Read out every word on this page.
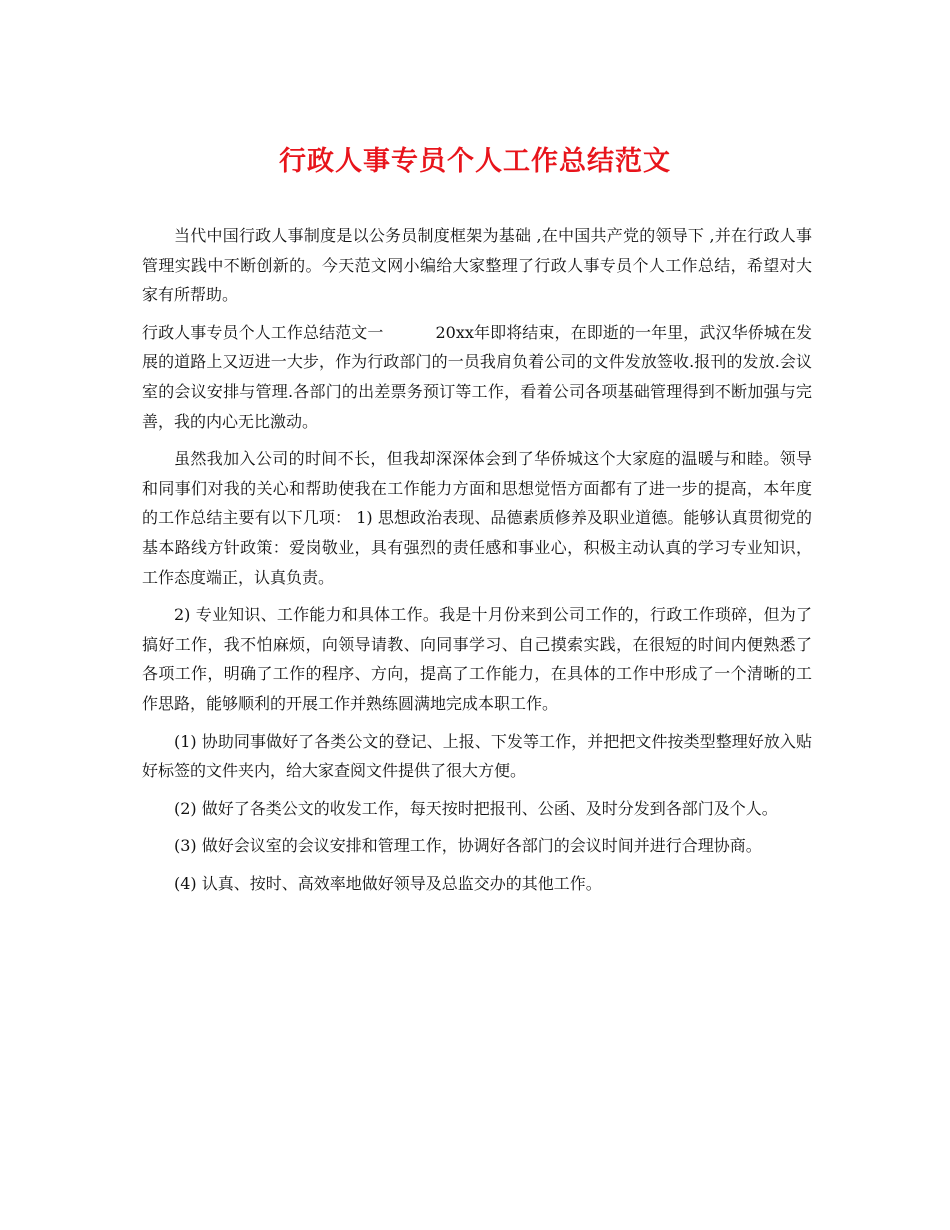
行政人事专员个人工作总结范文

当代中国行政人事制度是以公务员制度框架为基础 ,在中国共产党的领导下 ,并在行政人事管理实践中不断创新的。今天范文网小编给大家整理了行政人事专员个人工作总结，希望对大家有所帮助。

行政人事专员个人工作总结范文一	20xx年即将结束，在即逝的一年里，武汉华侨城在发展的道路上又迈进一大步，作为行政部门的一员我肩负着公司的文件发放签收.报刊的发放.会议室的会议安排与管理.各部门的出差票务预订等工作，看着公司各项基础管理得到不断加强与完善，我的内心无比激动。

虽然我加入公司的时间不长，但我却深深体会到了华侨城这个大家庭的温暖与和睦。领导和同事们对我的关心和帮助使我在工作能力方面和思想觉悟方面都有了进一步的提高，本年度的工作总结主要有以下几项： 1) 思想政治表现、品德素质修养及职业道德。能够认真贯彻党的基本路线方针政策：爱岗敬业，具有强烈的责任感和事业心，积极主动认真的学习专业知识，工作态度端正，认真负责。

2) 专业知识、工作能力和具体工作。我是十月份来到公司工作的，行政工作琐碎，但为了搞好工作，我不怕麻烦，向领导请教、向同事学习、自己摸索实践，在很短的时间内便熟悉了各项工作，明确了工作的程序、方向，提高了工作能力，在具体的工作中形成了一个清晰的工作思路，能够顺利的开展工作并熟练圆满地完成本职工作。

(1) 协助同事做好了各类公文的登记、上报、下发等工作，并把把文件按类型整理好放入贴好标签的文件夹内，给大家查阅文件提供了很大方便。

(2) 做好了各类公文的收发工作，每天按时把报刊、公函、及时分发到各部门及个人。

(3) 做好会议室的会议安排和管理工作，协调好各部门的会议时间并进行合理协商。

(4) 认真、按时、高效率地做好领导及总监交办的其他工作。
